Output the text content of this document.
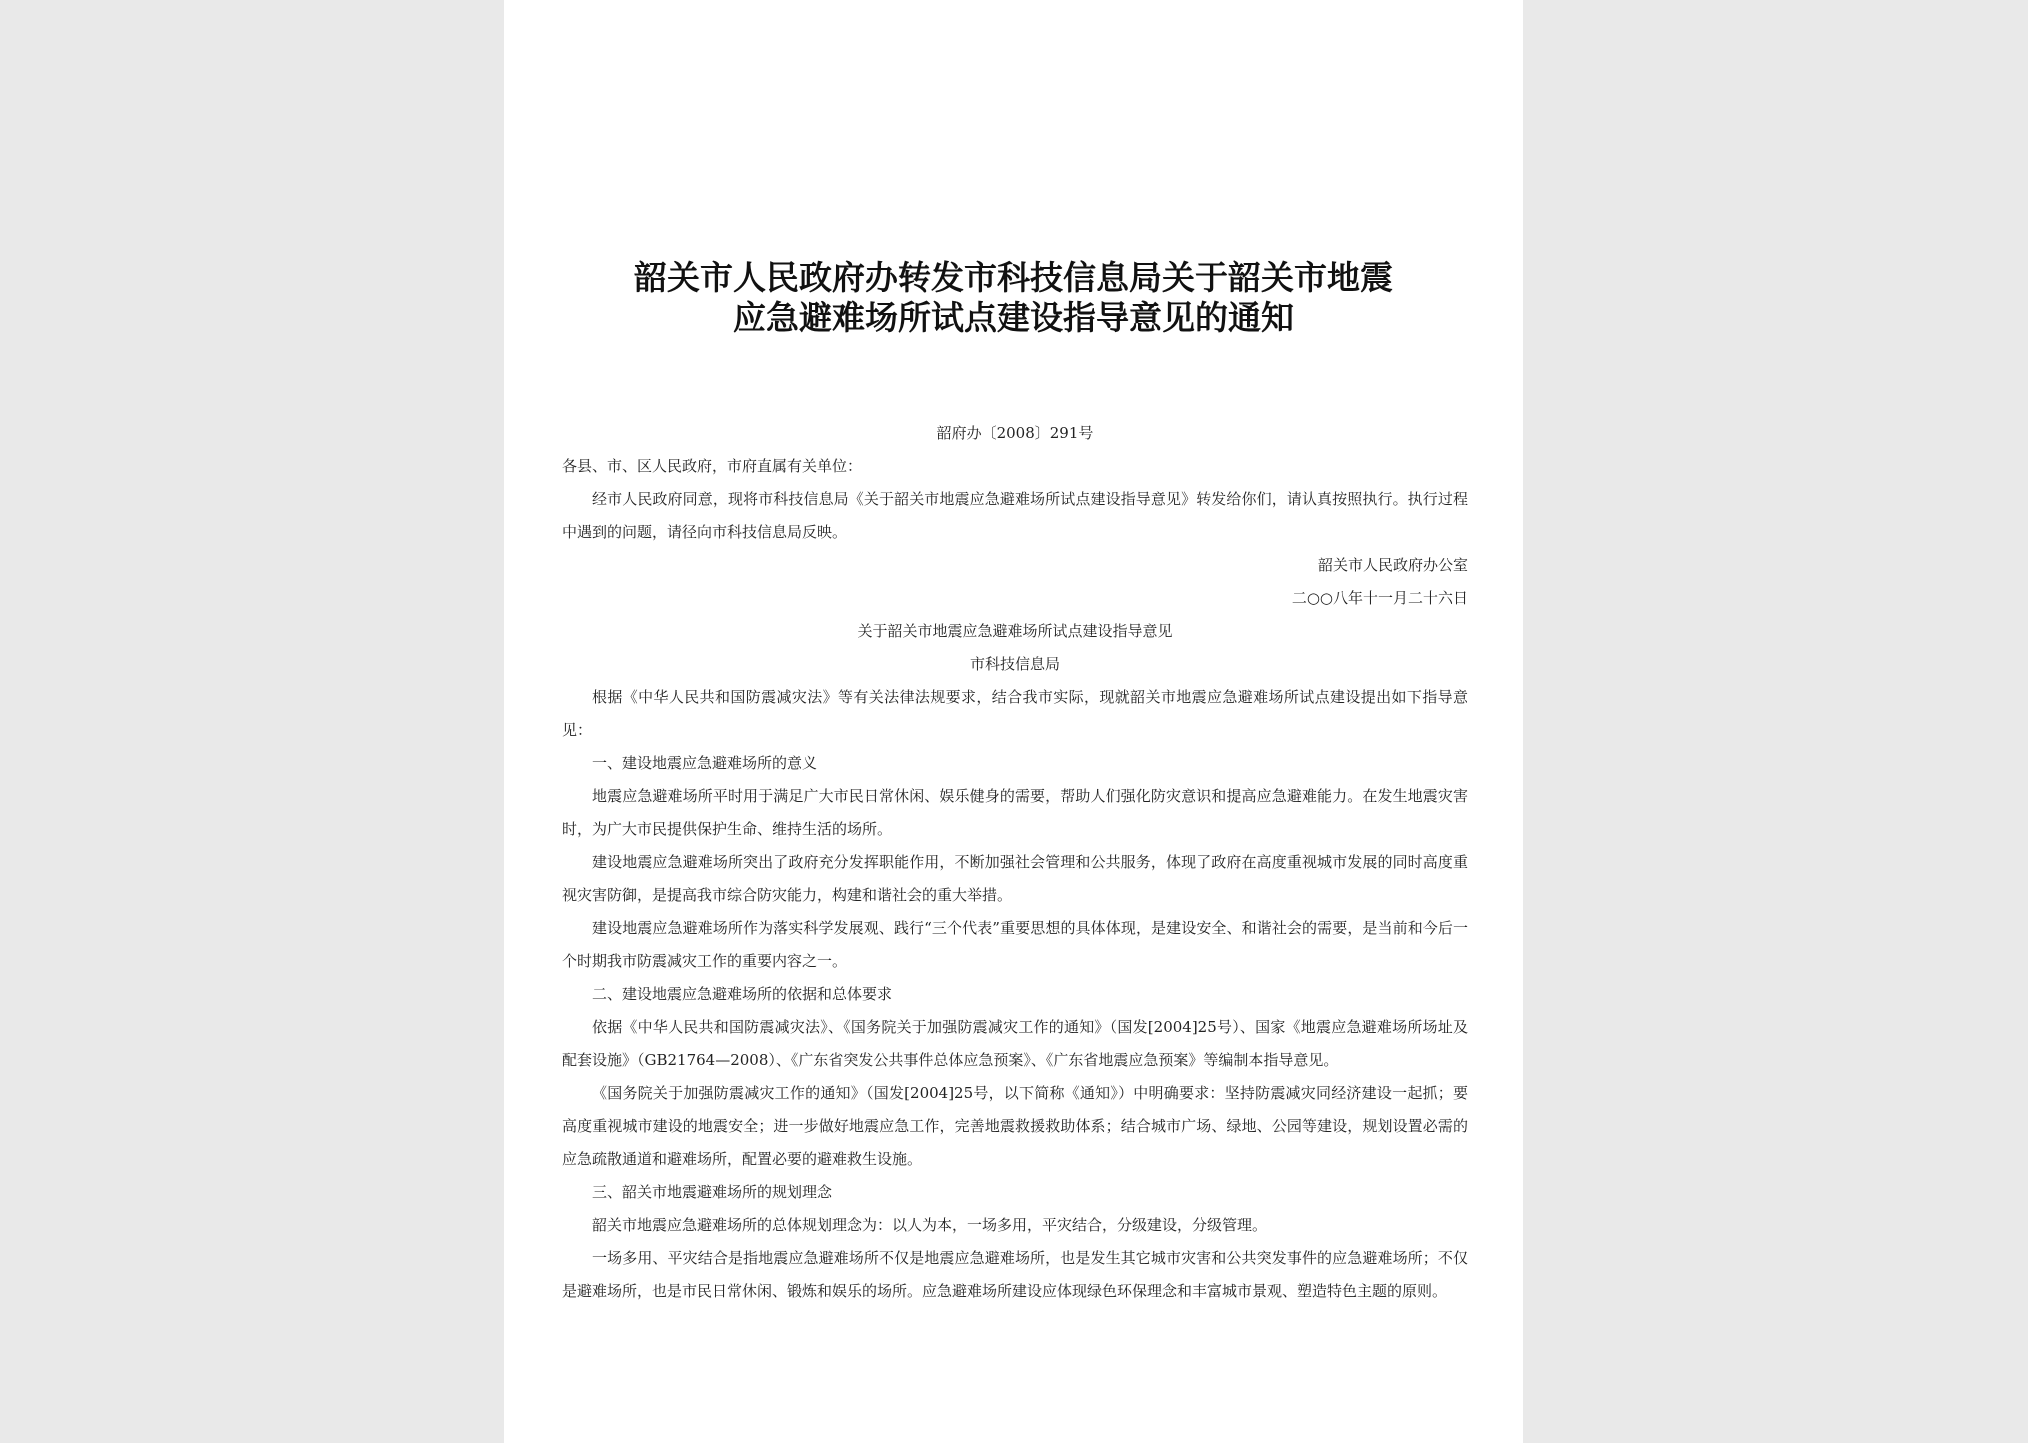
韶关市人民政府办转发市科技信息局关于韶关市地震
应急避难场所试点建设指导意见的通知

韶府办〔2008〕291号

各县、市、区人民政府，市府直属有关单位：

经市人民政府同意，现将市科技信息局《关于韶关市地震应急避难场所试点建设指导意见》转发给你们，请认真按照执行。执行过程中遇到的问题，请径向市科技信息局反映。

韶关市人民政府办公室

二○○八年十一月二十六日

关于韶关市地震应急避难场所试点建设指导意见

市科技信息局

根据《中华人民共和国防震减灾法》等有关法律法规要求，结合我市实际，现就韶关市地震应急避难场所试点建设提出如下指导意见：

一、建设地震应急避难场所的意义

地震应急避难场所平时用于满足广大市民日常休闲、娱乐健身的需要，帮助人们强化防灾意识和提高应急避难能力。在发生地震灾害时，为广大市民提供保护生命、维持生活的场所。

建设地震应急避难场所突出了政府充分发挥职能作用，不断加强社会管理和公共服务，体现了政府在高度重视城市发展的同时高度重视灾害防御，是提高我市综合防灾能力，构建和谐社会的重大举措。

建设地震应急避难场所作为落实科学发展观、践行“三个代表”重要思想的具体体现，是建设安全、和谐社会的需要，是当前和今后一个时期我市防震减灾工作的重要内容之一。

二、建设地震应急避难场所的依据和总体要求

依据《中华人民共和国防震减灾法》、《国务院关于加强防震减灾工作的通知》（国发[2004]25号）、国家《地震应急避难场所场址及配套设施》（GB21764—2008）、《广东省突发公共事件总体应急预案》、《广东省地震应急预案》等编制本指导意见。

《国务院关于加强防震减灾工作的通知》（国发[2004]25号，以下简称《通知》）中明确要求：坚持防震减灾同经济建设一起抓；要高度重视城市建设的地震安全；进一步做好地震应急工作，完善地震救援救助体系；结合城市广场、绿地、公园等建设，规划设置必需的应急疏散通道和避难场所，配置必要的避难救生设施。

三、韶关市地震避难场所的规划理念

韶关市地震应急避难场所的总体规划理念为：以人为本，一场多用，平灾结合，分级建设，分级管理。

一场多用、平灾结合是指地震应急避难场所不仅是地震应急避难场所，也是发生其它城市灾害和公共突发事件的应急避难场所；不仅是避难场所，也是市民日常休闲、锻炼和娱乐的场所。应急避难场所建设应体现绿色环保理念和丰富城市景观、塑造特色主题的原则。
